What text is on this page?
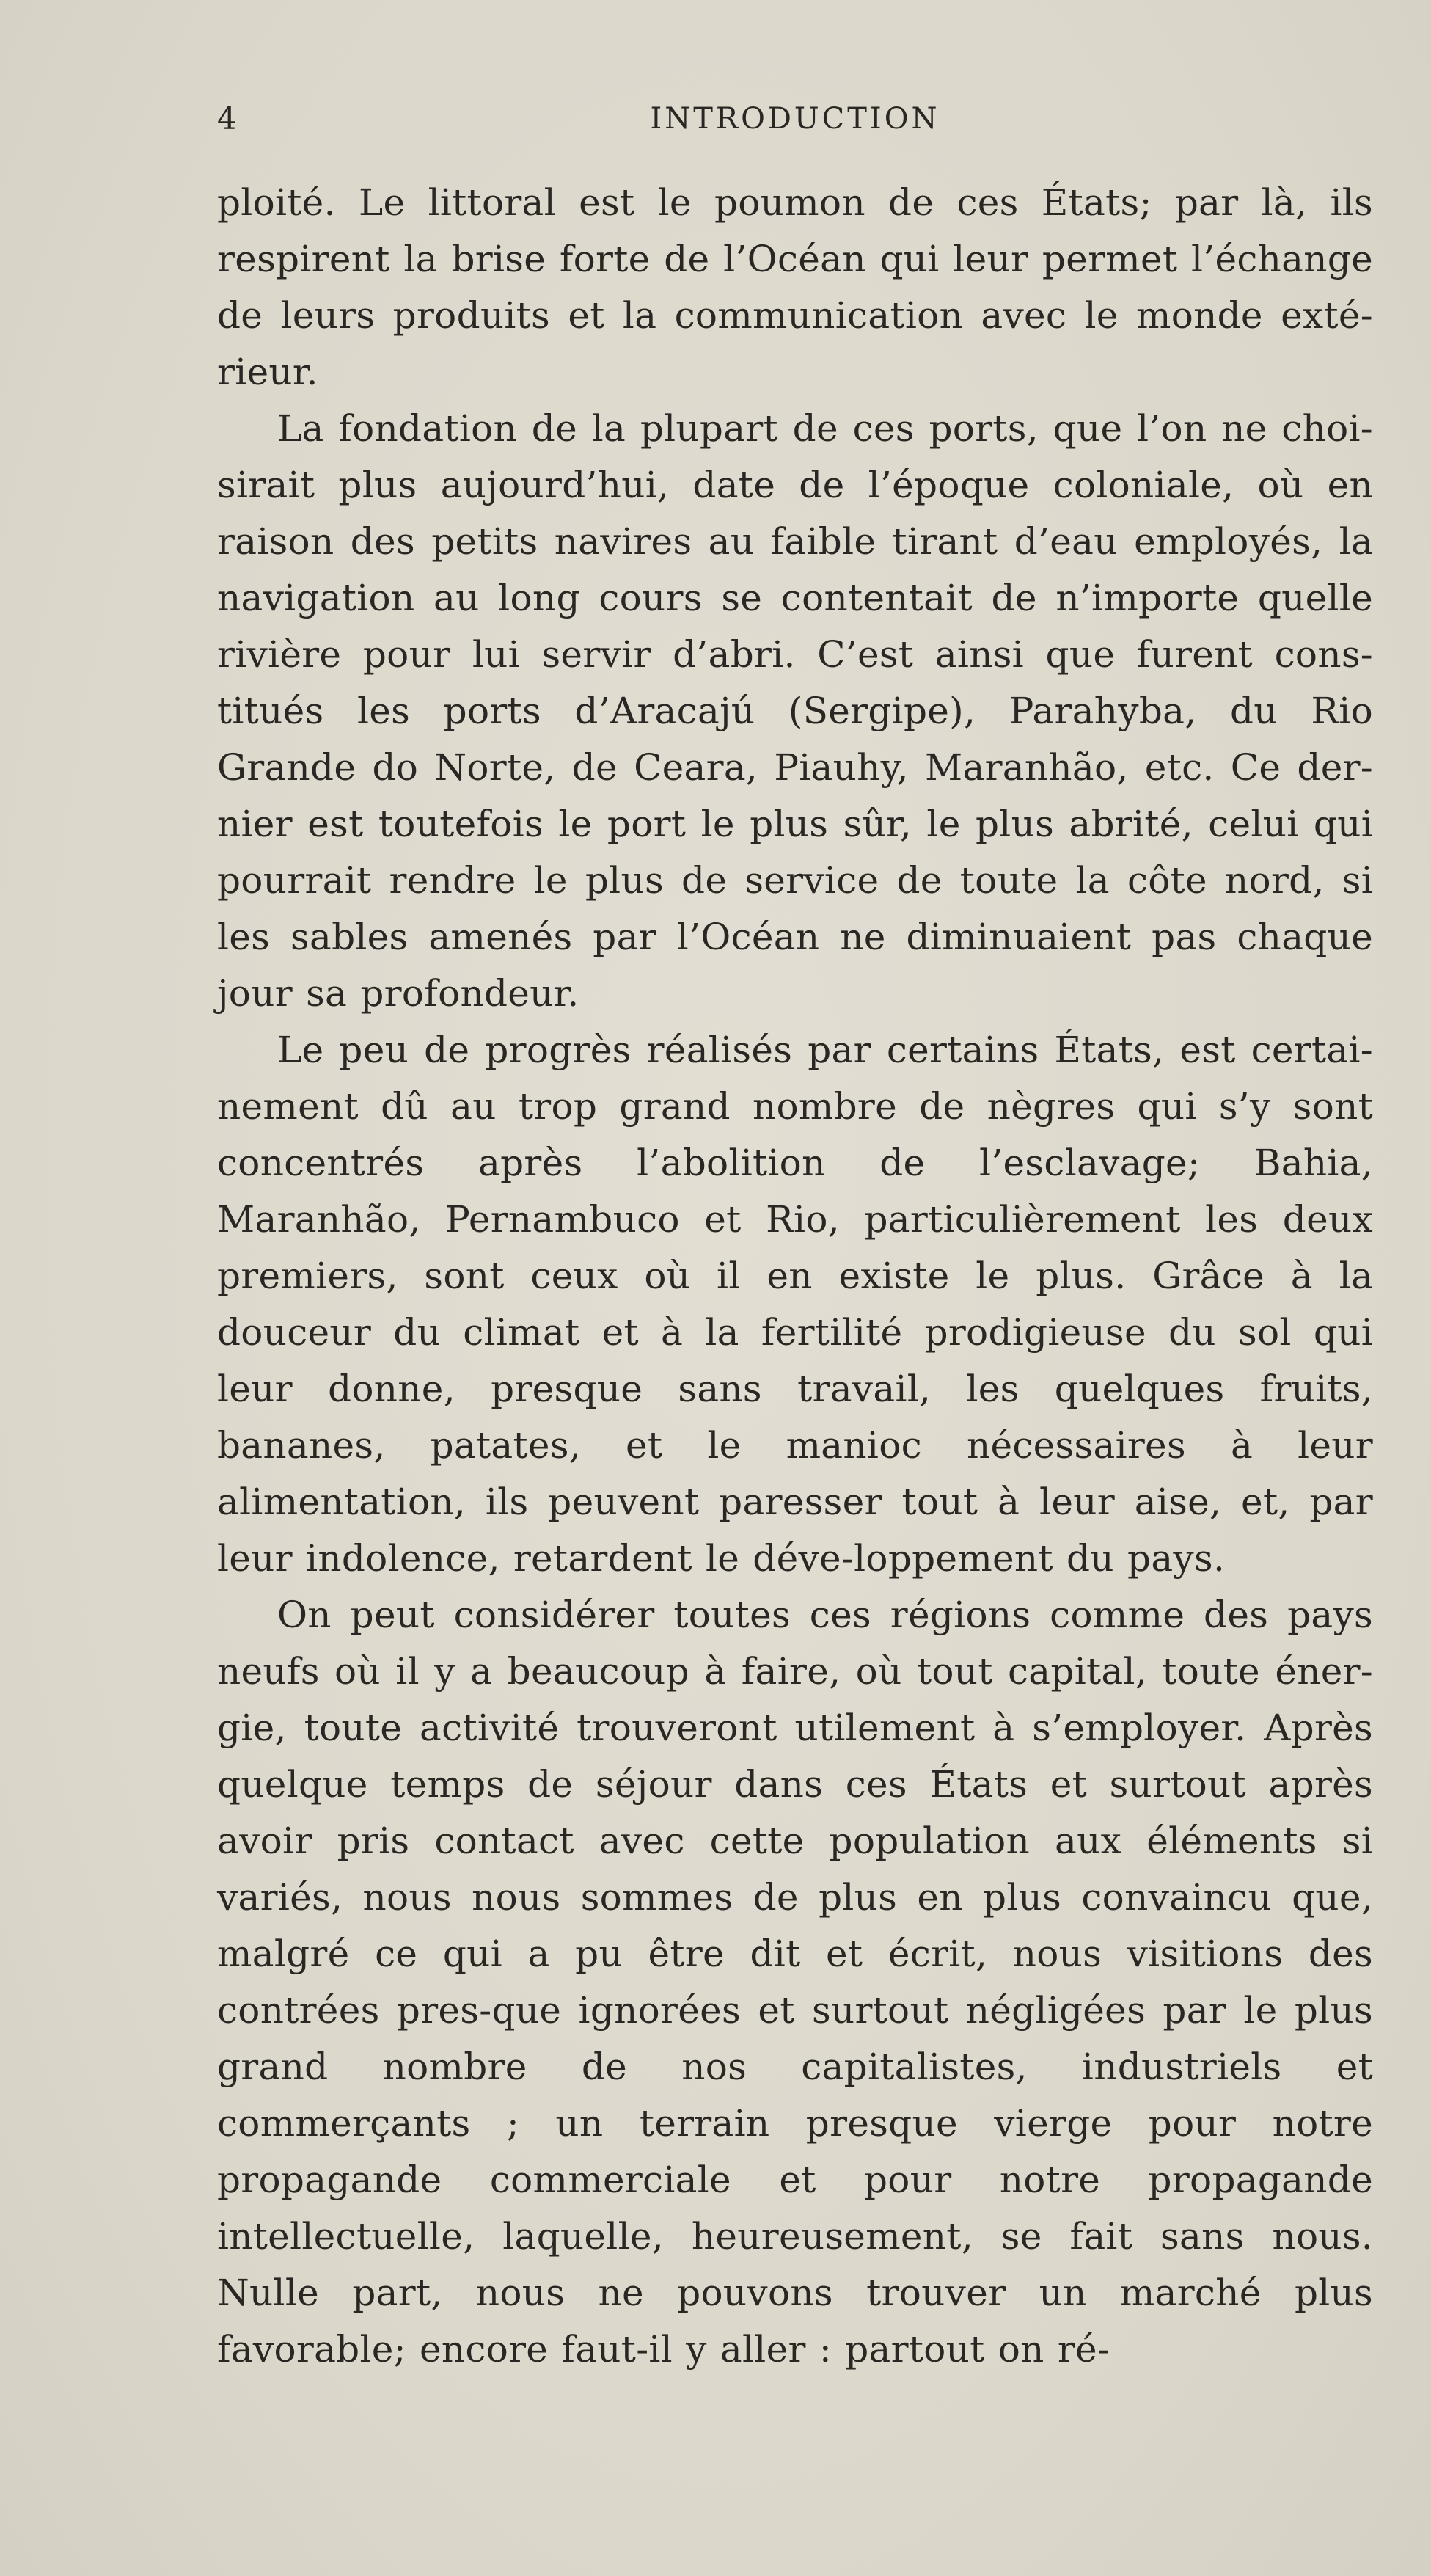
4	INTRODUCTION

ploité. Le littoral est le poumon de ces États; par là, ils respirent la brise forte de l’Océan qui leur permet l’échange de leurs produits et la communication avec le monde exté-rieur.

La fondation de la plupart de ces ports, que l’on ne choi-sirait plus aujourd’hui, date de l’époque coloniale, où en raison des petits navires au faible tirant d’eau employés, la navigation au long cours se contentait de n’importe quelle rivière pour lui servir d’abri. C’est ainsi que furent cons-titués les ports d’Aracajú (Sergipe), Parahyba, du Rio Grande do Norte, de Ceara, Piauhy, Maranhão, etc. Ce der-nier est toutefois le port le plus sûr, le plus abrité, celui qui pourrait rendre le plus de service de toute la côte nord, si les sables amenés par l’Océan ne diminuaient pas chaque jour sa profondeur.

Le peu de progrès réalisés par certains États, est certai-nement dû au trop grand nombre de nègres qui s’y sont concentrés après l’abolition de l’esclavage; Bahia, Maranhão, Pernambuco et Rio, particulièrement les deux premiers, sont ceux où il en existe le plus. Grâce à la douceur du climat et à la fertilité prodigieuse du sol qui leur donne, presque sans travail, les quelques fruits, bananes, patates, et le manioc nécessaires à leur alimentation, ils peuvent paresser tout à leur aise, et, par leur indolence, retardent le déve-loppement du pays.

On peut considérer toutes ces régions comme des pays neufs où il y a beaucoup à faire, où tout capital, toute éner-gie, toute activité trouveront utilement à s’employer. Après quelque temps de séjour dans ces États et surtout après avoir pris contact avec cette population aux éléments si variés, nous nous sommes de plus en plus convaincu que, malgré ce qui a pu être dit et écrit, nous visitions des contrées pres-que ignorées et surtout négligées par le plus grand nombre de nos capitalistes, industriels et commerçants ; un terrain presque vierge pour notre propagande commerciale et pour notre propagande intellectuelle, laquelle, heureusement, se fait sans nous. Nulle part, nous ne pouvons trouver un marché plus favorable; encore faut-il y aller : partout on ré-
